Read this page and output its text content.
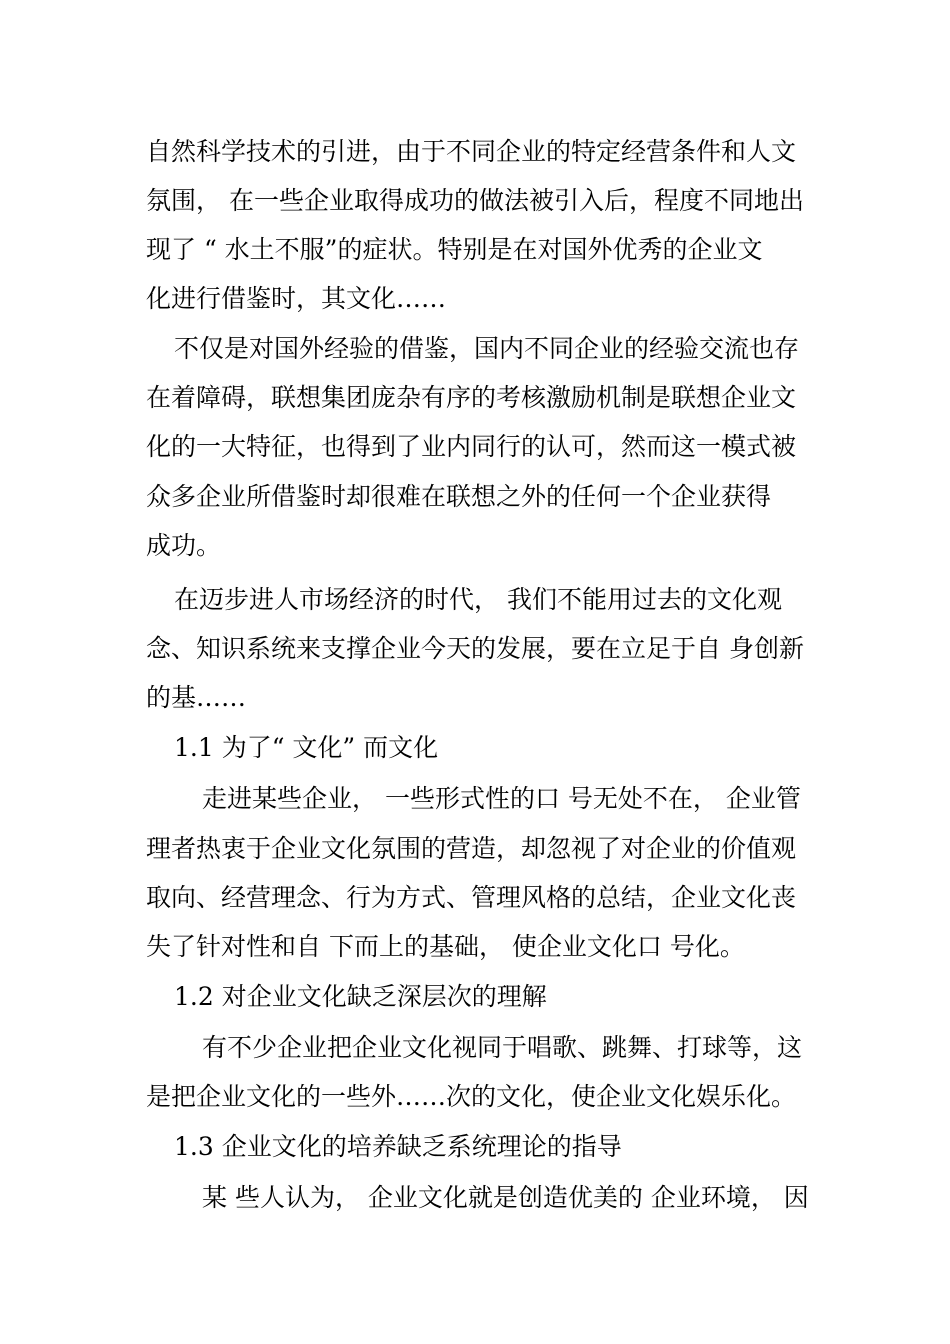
自然科学技术的引进，由于不同企业的特定经营条件和人文
氛围， 在一些企业取得成功的做法被引入后，程度不同地出
现了 “ 水土不服”的症状。特别是在对国外优秀的企业文
化进行借鉴时，其文化……
不仅是对国外经验的借鉴，国内不同企业的经验交流也存
在着障碍，联想集团庞杂有序的考核激励机制是联想企业文
化的一大特征，也得到了业内同行的认可，然而这一模式被
众多企业所借鉴时却很难在联想之外的任何一个企业获得
成功。
在迈步进人市场经济的时代， 我们不能用过去的文化观
念、知识系统来支撑企业今天的发展，要在立足于自 身创新
的基……
1.1 为了“ 文化” 而文化
走进某些企业， 一些形式性的口 号无处不在， 企业管
理者热衷于企业文化氛围的营造，却忽视了对企业的价值观
取向、经营理念、行为方式、管理风格的总结，企业文化丧
失了针对性和自 下而上的基础， 使企业文化口 号化。
1.2 对企业文化缺乏深层次的理解
有不少企业把企业文化视同于唱歌、跳舞、打球等，这
是把企业文化的一些外……次的文化，使企业文化娱乐化。
1.3 企业文化的培养缺乏系统理论的指导
某 些人认为， 企业文化就是创造优美的 企业环境， 因
